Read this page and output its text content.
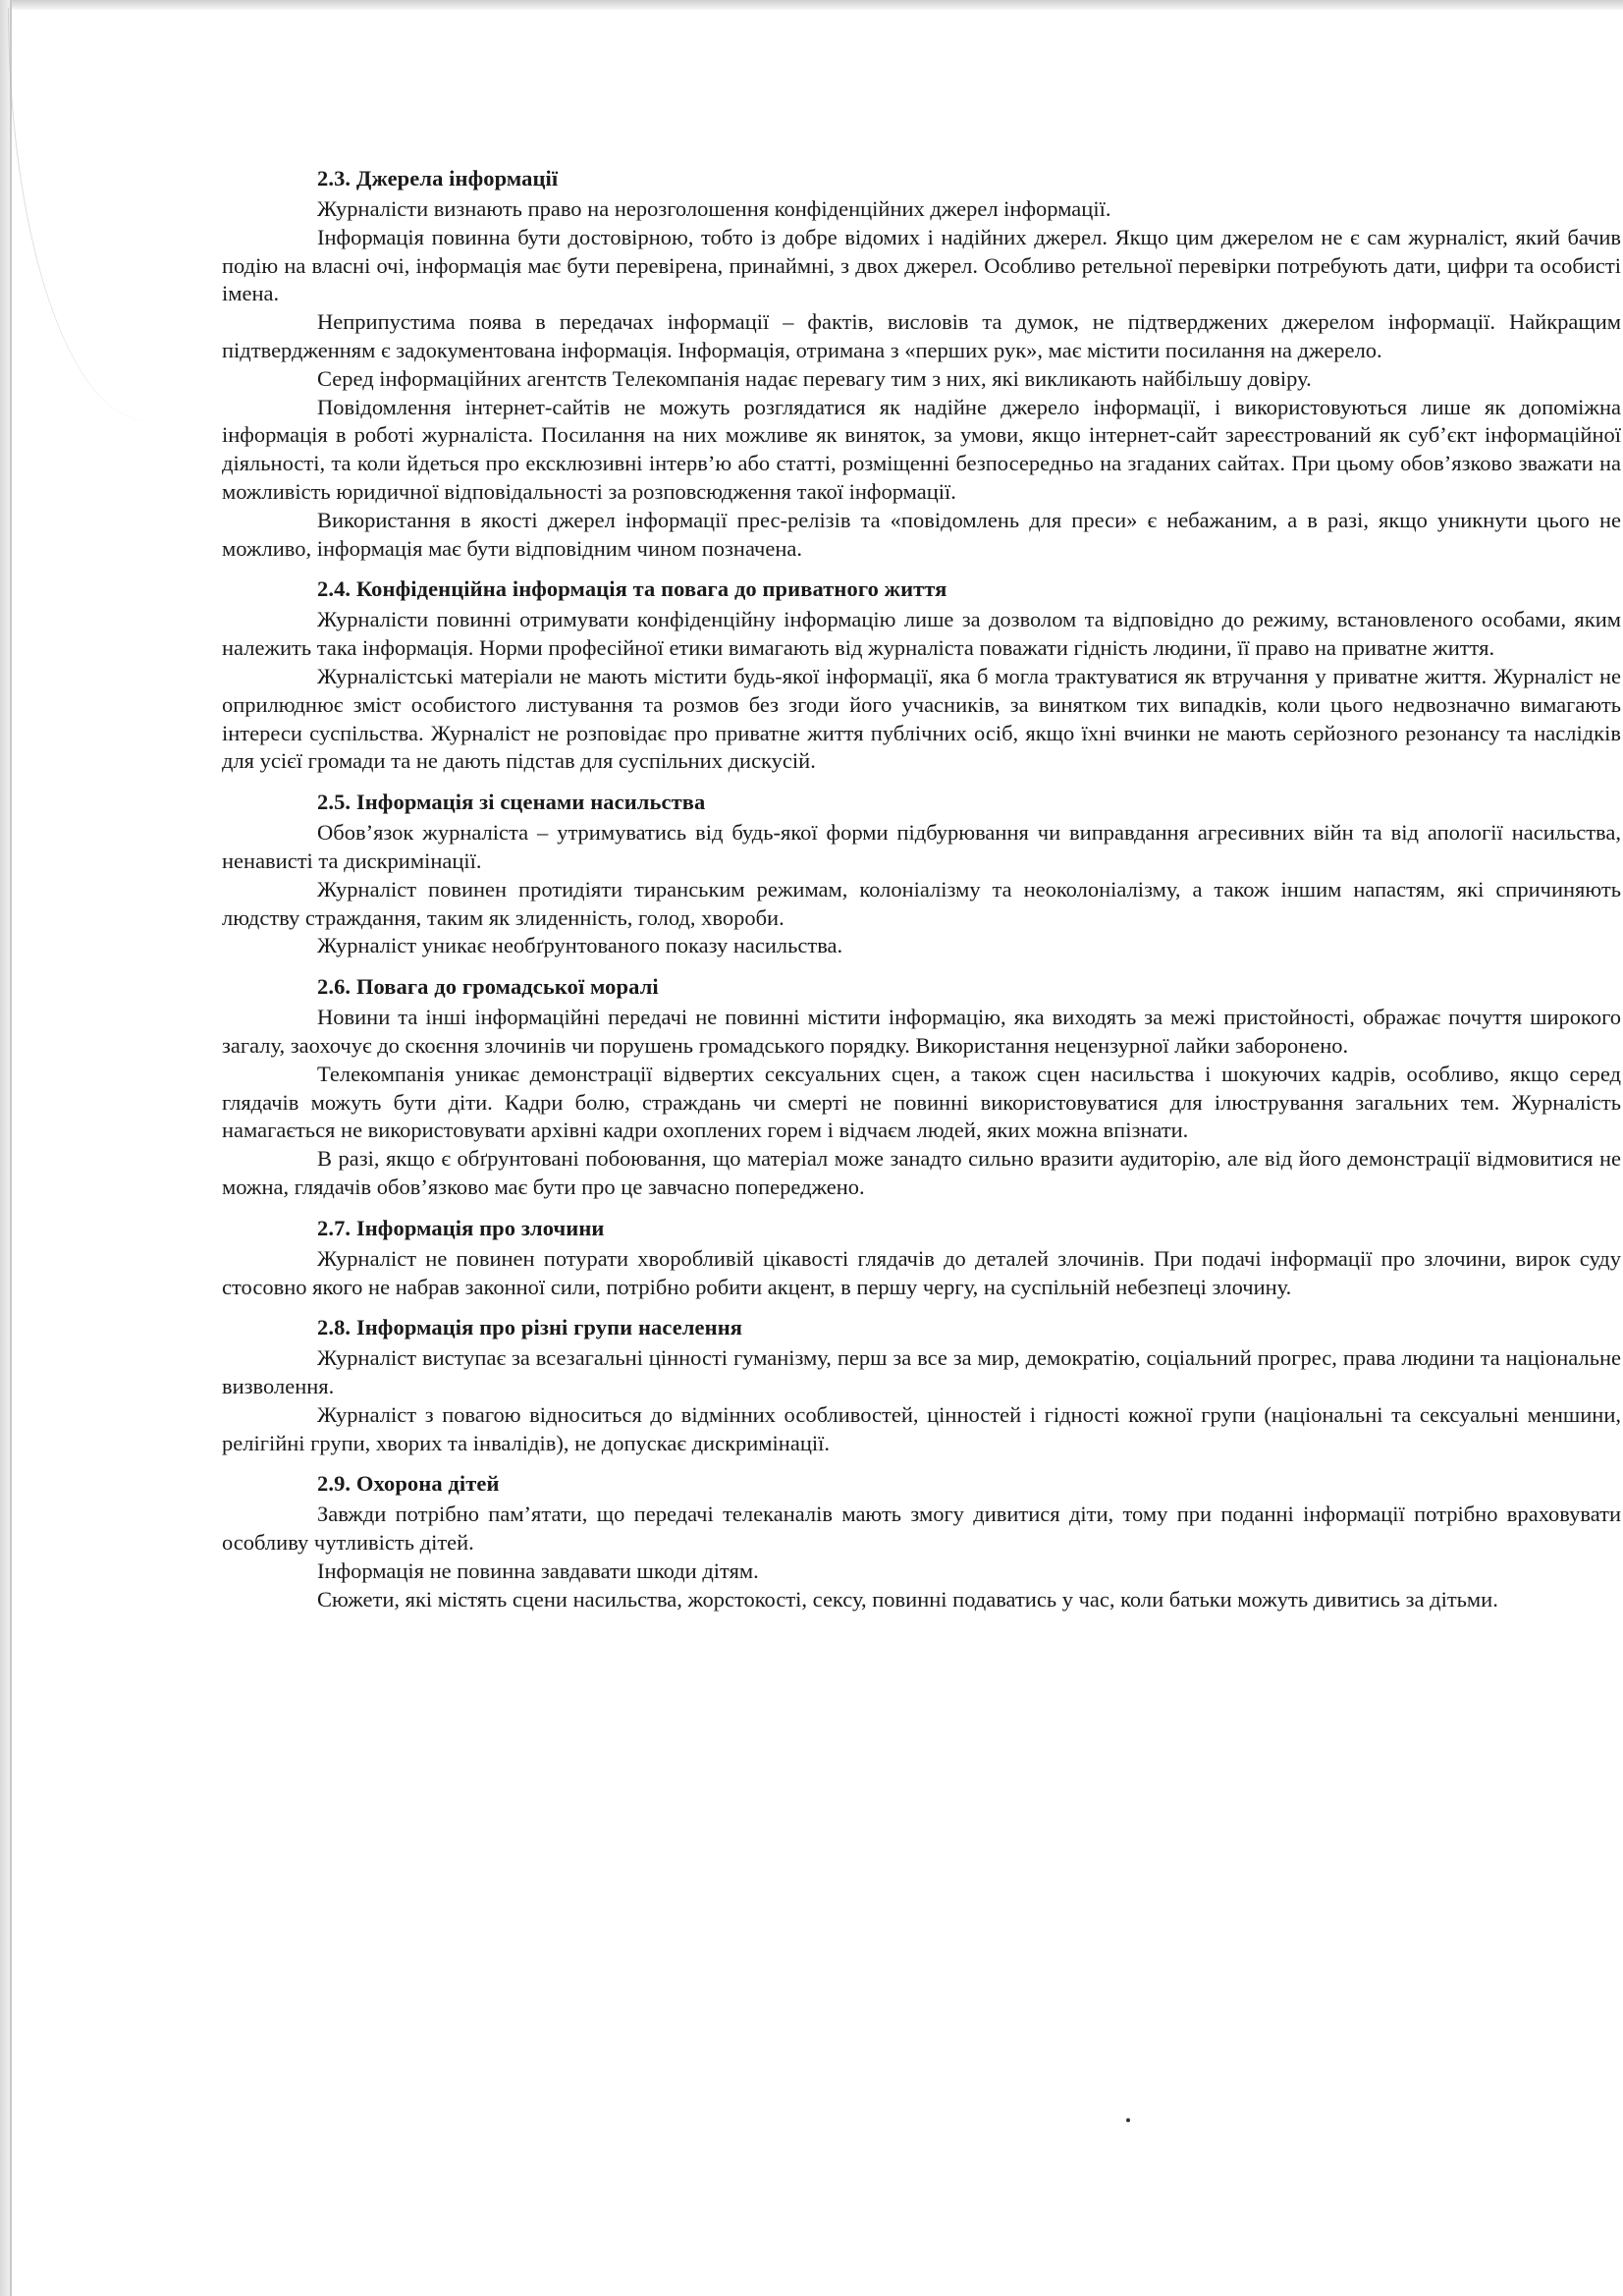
2.3. Джерела інформації

Журналісти визнають право на нерозголошення конфіденційних джерел інформації.

Інформація повинна бути достовірною, тобто із добре відомих і надійних джерел. Якщо цим джерелом не є сам журналіст, який бачив подію на власні очі, інформація має бути перевірена, принаймні, з двох джерел. Особливо ретельної перевірки потребують дати, цифри та особисті імена.

Неприпустима поява в передачах інформації – фактів, висловів та думок, не підтверджених джерелом інформації. Найкращим підтвердженням є задокументована інформація. Інформація, отримана з «перших рук», має містити посилання на джерело.

Серед інформаційних агентств Телекомпанія надає перевагу тим з них, які викликають найбільшу довіру.

Повідомлення інтернет-сайтів не можуть розглядатися як надійне джерело інформації, і використовуються лише як допоміжна інформація в роботі журналіста. Посилання на них можливе як виняток, за умови, якщо інтернет-сайт зареєстрований як суб’єкт інформаційної діяльності, та коли йдеться про ексклюзивні інтерв’ю або статті, розміщенні безпосередньо на згаданих сайтах. При цьому обов’язково зважати на можливість юридичної відповідальності за розповсюдження такої інформації.

Використання в якості джерел інформації прес-релізів та «повідомлень для преси» є небажаним, а в разі, якщо уникнути цього не можливо, інформація має бути відповідним чином позначена.

2.4. Конфіденційна інформація та повага до приватного життя

Журналісти повинні отримувати конфіденційну інформацію лише за дозволом та відповідно до режиму, встановленого особами, яким належить така інформація. Норми професійної етики вимагають від журналіста поважати гідність людини, її право на приватне життя.

Журналістські матеріали не мають містити будь-якої інформації, яка б могла трактуватися як втручання у приватне життя. Журналіст не оприлюднює зміст особистого листування та розмов без згоди його учасників, за винятком тих випадків, коли цього недвозначно вимагають інтереси суспільства. Журналіст не розповідає про приватне життя публічних осіб, якщо їхні вчинки не мають серйозного резонансу та наслідків для усієї громади та не дають підстав для суспільних дискусій.

2.5. Інформація зі сценами насильства

Обов’язок журналіста – утримуватись від будь-якої форми підбурювання чи виправдання агресивних війн та від апології насильства, ненависті та дискримінації.

Журналіст повинен протидіяти тиранським режимам, колоніалізму та неоколоніалізму, а також іншим напастям, які спричиняють людству страждання, таким як злиденність, голод, хвороби.

Журналіст уникає необґрунтованого показу насильства.

2.6. Повага до громадської моралі

Новини та інші інформаційні передачі не повинні містити інформацію, яка виходять за межі пристойності, ображає почуття широкого загалу, заохочує до скоєння злочинів чи порушень громадського порядку. Використання нецензурної лайки заборонено.

Телекомпанія уникає демонстрації відвертих сексуальних сцен, а також сцен насильства і шокуючих кадрів, особливо, якщо серед глядачів можуть бути діти. Кадри болю, страждань чи смерті не повинні використовуватися для ілюстрування загальних тем. Журналість намагається не використовувати архівні кадри охоплених горем і відчаєм людей, яких можна впізнати.

В разі, якщо є обґрунтовані побоювання, що матеріал може занадто сильно вразити аудиторію, але від його демонстрації відмовитися не можна, глядачів обов’язково має бути про це завчасно попереджено.

2.7. Інформація про злочини

Журналіст не повинен потурати хворобливій цікавості глядачів до деталей злочинів. При подачі інформації про злочини, вирок суду стосовно якого не набрав законної сили, потрібно робити акцент, в першу чергу, на суспільній небезпеці злочину.

2.8. Інформація про різні групи населення

Журналіст виступає за всезагальні цінності гуманізму, перш за все за мир, демократію, соціальний прогрес, права людини та національне визволення.

Журналіст з повагою відноситься до відмінних особливостей, цінностей і гідності кожної групи (національні та сексуальні меншини, релігійні групи, хворих та інвалідів), не допускає дискримінації.

2.9. Охорона дітей

Завжди потрібно пам’ятати, що передачі телеканалів мають змогу дивитися діти, тому при поданні інформації потрібно враховувати особливу чутливість дітей.

Інформація не повинна завдавати шкоди дітям.

Сюжети, які містять сцени насильства, жорстокості, сексу, повинні подаватись у час, коли батьки можуть дивитись за дітьми.
